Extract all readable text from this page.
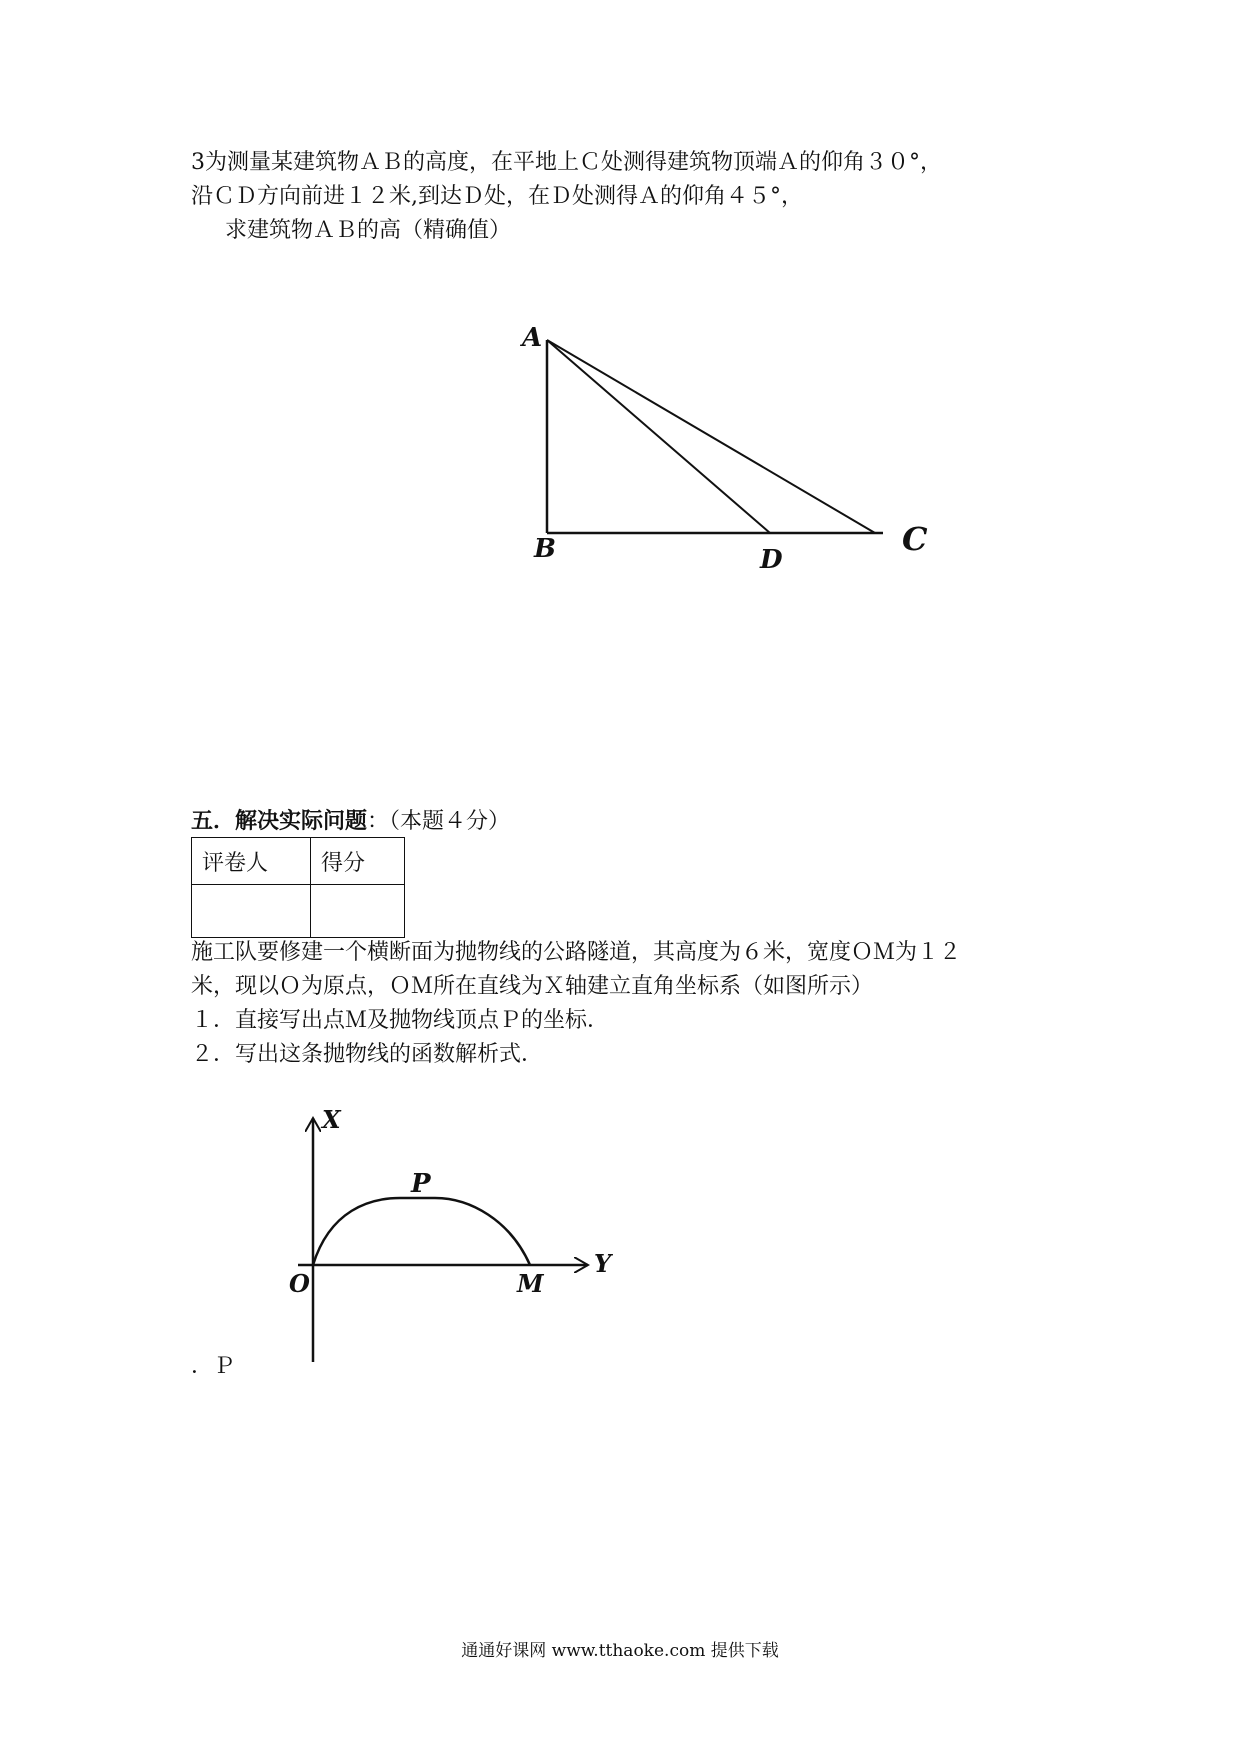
3为测量某建筑物ＡＢ的高度，在平地上Ｃ处测得建筑物顶端Ａ的仰角３０°，
沿ＣＤ方向前进１２米,到达Ｄ处，在Ｄ处测得Ａ的仰角４５°，
求建筑物ＡＢ的高（精确值）
A
B	D
C
五．解决实际问题：（本题４分）
评卷人	得分

施工队要修建一个横断面为抛物线的公路隧道，其高度为６米，宽度ＯＭ为１２
米，现以Ｏ为原点，ＯＭ所在直线为Ｘ轴建立直角坐标系（如图所示）
１．直接写出点Ｍ及抛物线顶点Ｐ的坐标．
２．写出这条抛物线的函数解析式．
X
Y
O	M
P
．Ｐ
通通好课网 www.tthaoke.com 提供下载
